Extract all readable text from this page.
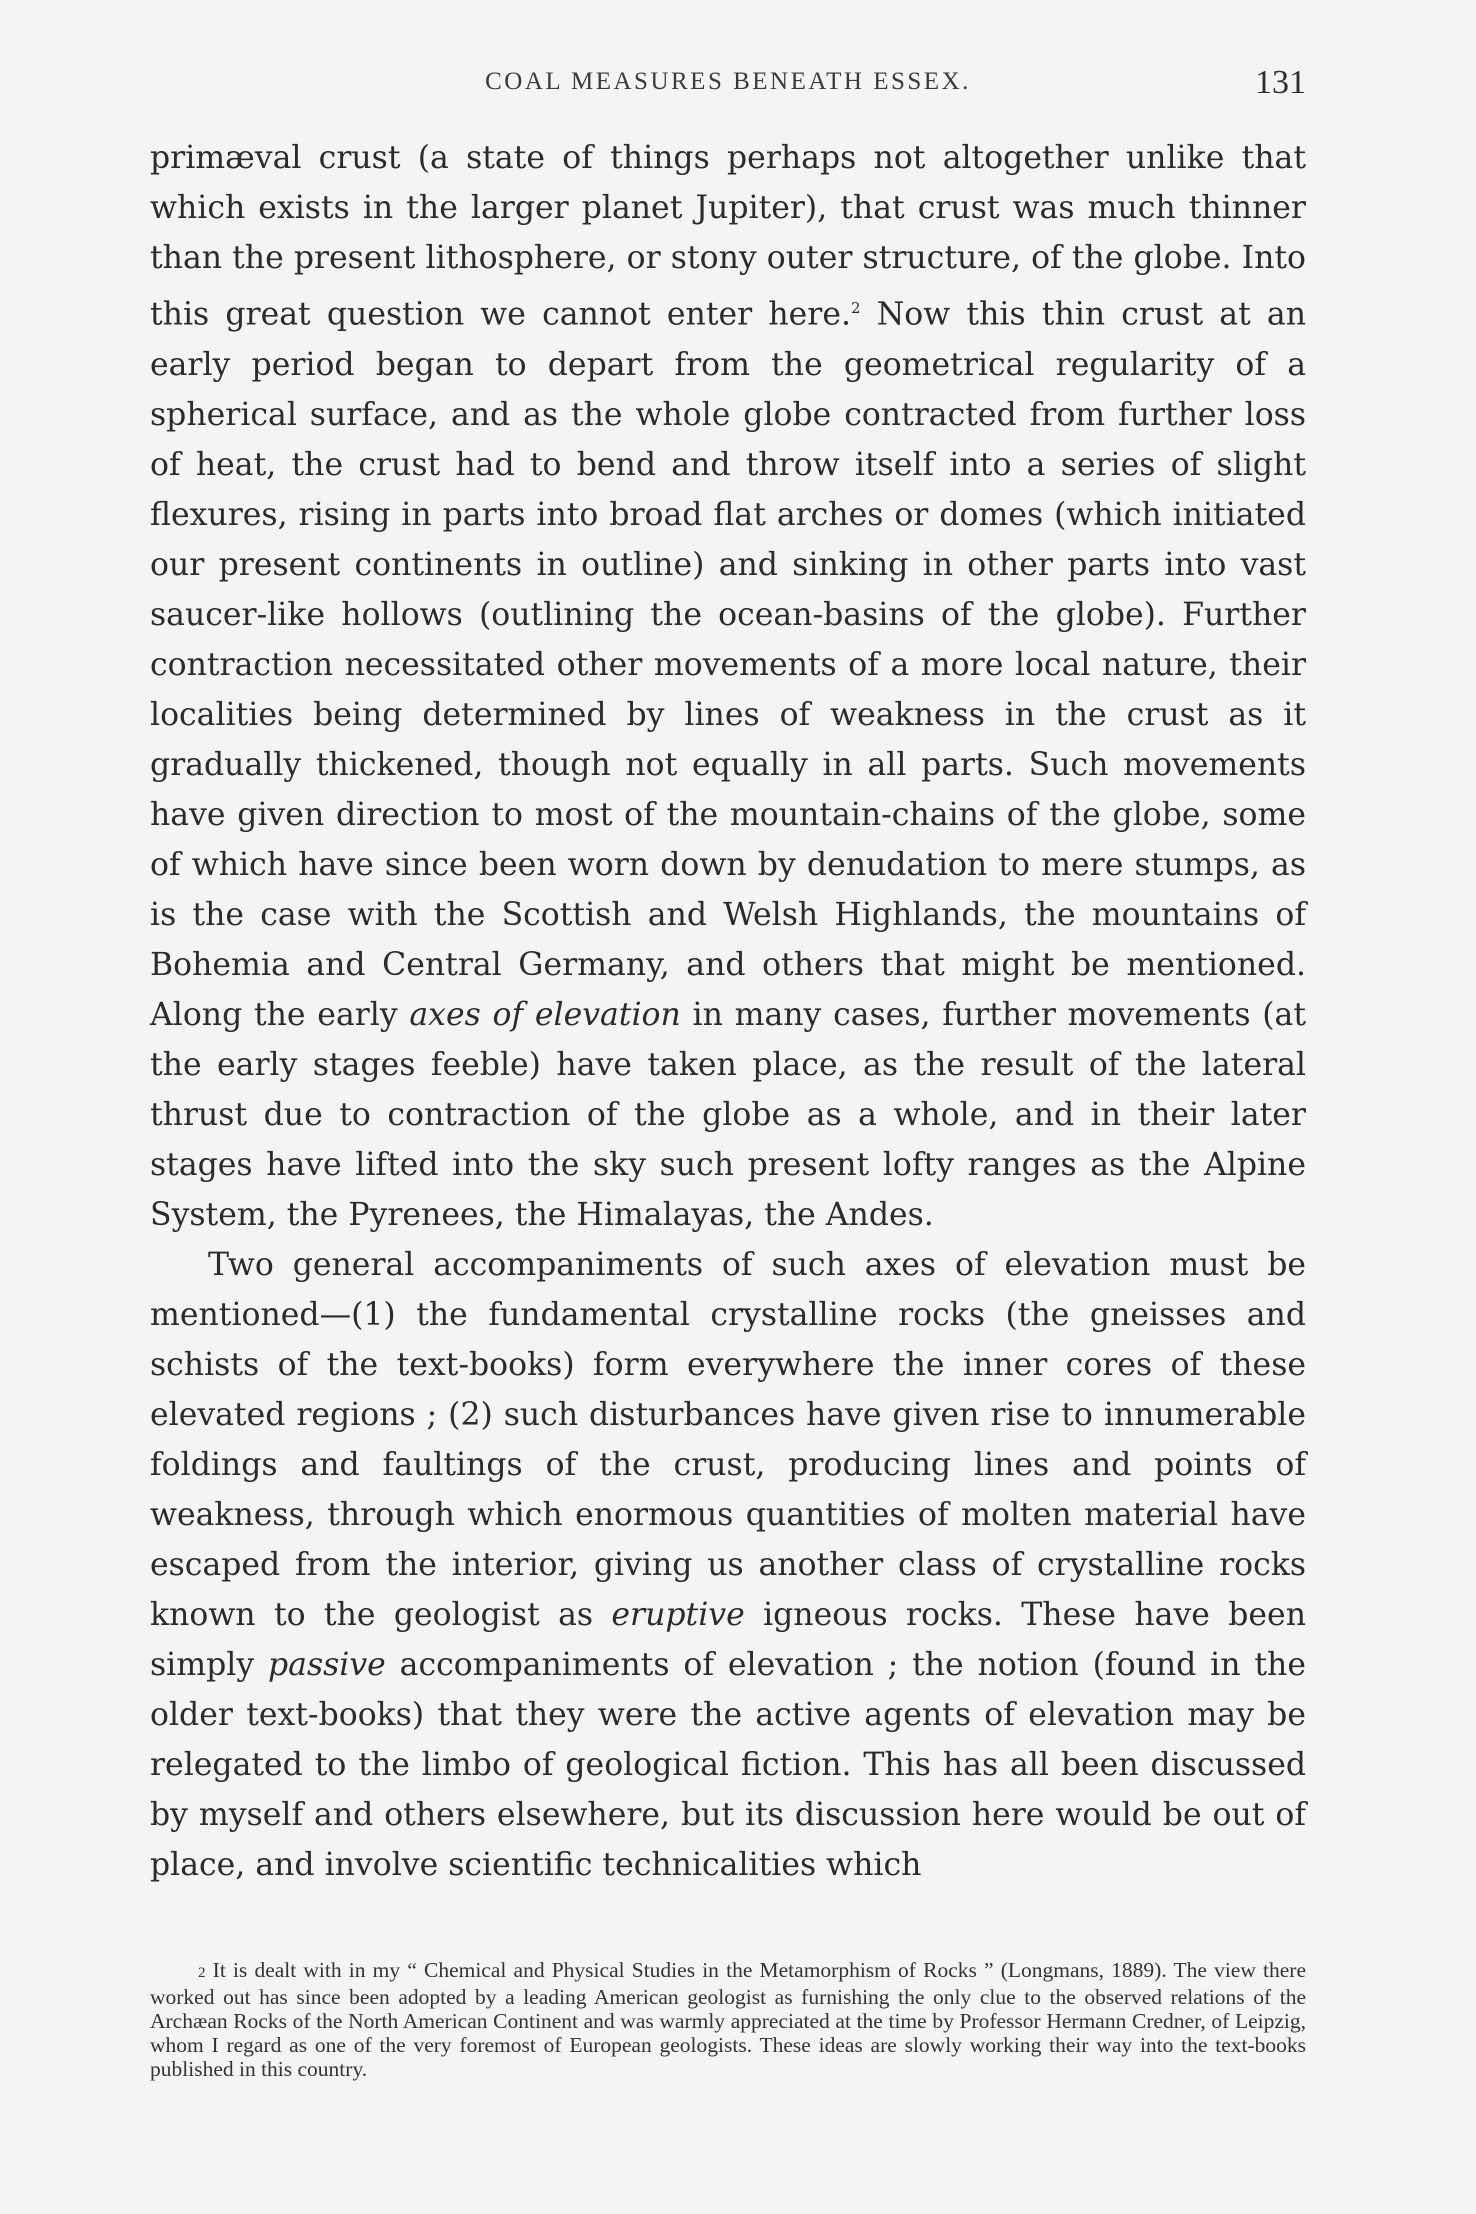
COAL MEASURES BENEATH ESSEX.	131

primæval crust (a state of things perhaps not altogether unlike that which exists in the larger planet Jupiter), that crust was much thinner than the present lithosphere, or stony outer structure, of the globe. Into this great question we cannot enter here.$^2$ Now this thin crust at an early period began to depart from the geometrical regularity of a spherical surface, and as the whole globe contracted from further loss of heat, the crust had to bend and throw itself into a series of slight flexures, rising in parts into broad flat arches or domes (which initiated our present continents in outline) and sinking in other parts into vast saucer-like hollows (outlining the ocean-basins of the globe). Further contraction necessitated other movements of a more local nature, their localities being determined by lines of weakness in the crust as it gradually thickened, though not equally in all parts. Such movements have given direction to most of the mountain-chains of the globe, some of which have since been worn down by denudation to mere stumps, as is the case with the Scottish and Welsh Highlands, the mountains of Bohemia and Central Germany, and others that might be mentioned. Along the early axes of elevation in many cases, further movements (at the early stages feeble) have taken place, as the result of the lateral thrust due to contraction of the globe as a whole, and in their later stages have lifted into the sky such present lofty ranges as the Alpine System, the Pyrenees, the Himalayas, the Andes.

Two general accompaniments of such axes of elevation must be mentioned—(1) the fundamental crystalline rocks (the gneisses and schists of the text-books) form everywhere the inner cores of these elevated regions ; (2) such disturbances have given rise to innumerable foldings and faultings of the crust, producing lines and points of weakness, through which enormous quantities of molten material have escaped from the interior, giving us another class of crystalline rocks known to the geologist as eruptive igneous rocks. These have been simply passive accompaniments of elevation ; the notion (found in the older text-books) that they were the active agents of elevation may be relegated to the limbo of geological fiction. This has all been discussed by myself and others elsewhere, but its discussion here would be out of place, and involve scientific technicalities which

2 It is dealt with in my “ Chemical and Physical Studies in the Metamorphism of Rocks ” (Longmans, 1889). The view there worked out has since been adopted by a leading American geologist as furnishing the only clue to the observed relations of the Archæan Rocks of the North American Continent and was warmly appreciated at the time by Professor Hermann Credner, of Leipzig, whom I regard as one of the very foremost of European geologists. These ideas are slowly working their way into the text-books published in this country.
